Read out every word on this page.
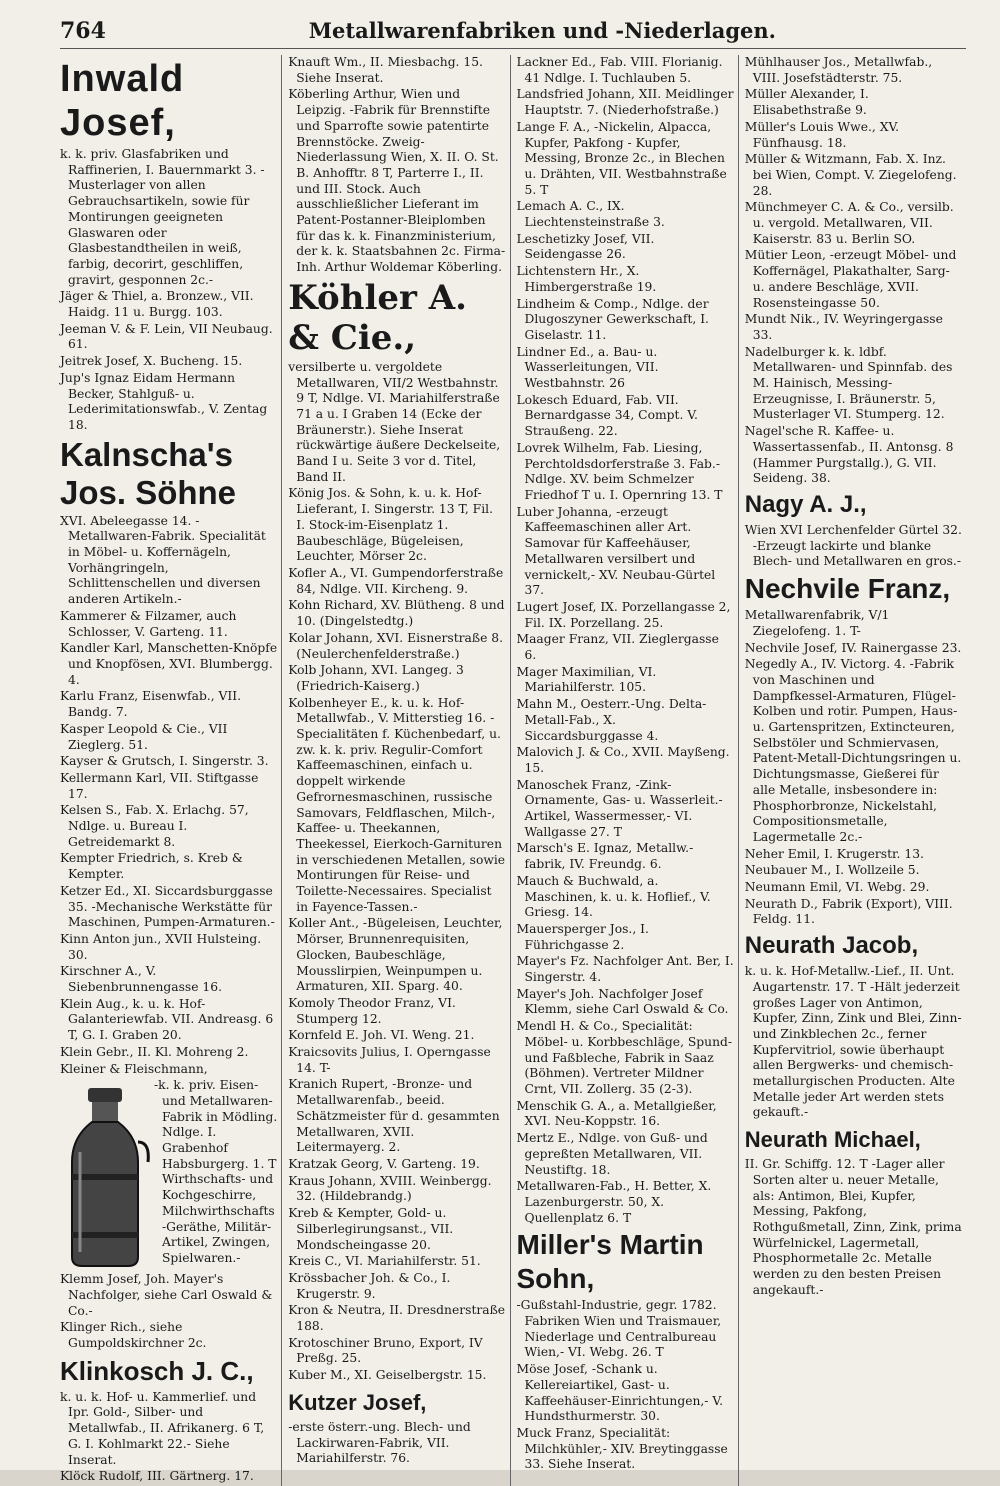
764	Metallwarenfabriken und -Niederlagen.
Inwald Josef,
k. k. priv. Glasfabriken und Raffinerien, I. Bauernmarkt 3. -Musterlager von allen Gebrauchsartikeln, sowie für Montirungen geeigneten Glaswaren oder Glasbestandtheilen in weiß, farbig, decorirt, geschliffen, gravirt, gesponnen 2c.-
Jäger & Thiel, a. Bronzew., VII. Haidg. 11 u. Burgg. 103.
Jeeman V. & F. Lein, VII Neubaug. 61.
Jeitrek Josef, X. Bucheng. 15.
Jup's Ignaz Eidam Hermann Becker, Stahlguß- u. Lederimitationswfab., V. Zentag 18.
Kalnscha's Jos. Söhne
XVI. Abeleegasse 14. -Metallwaren-Fabrik. Specialität in Möbel- u. Koffernägeln, Vorhängringeln, Schlittenschellen und diversen anderen Artikeln.-
Kammerer & Filzamer, auch Schlosser, V. Garteng. 11.
Kandler Karl, Manschetten-Knöpfe und Knopfösen, XVI. Blumbergg. 4.
Karlu Franz, Eisenwfab., VII. Bandg. 7.
Kasper Leopold & Cie., VII Zieglerg. 51.
Kayser & Grutsch, I. Singerstr. 3.
Kellermann Karl, VII. Stiftgasse 17.
Kelsen S., Fab. X. Erlachg. 57, Ndlge. u. Bureau I. Getreidemarkt 8.
Kempter Friedrich, s. Kreb & Kempter.
Ketzer Ed., XI. Siccardsburggasse 35. -Mechanische Werkstätte für Maschinen, Pumpen-Armaturen.-
Kinn Anton jun., XVII Hulsteing. 30.
Kirschner A., V. Siebenbrunnengasse 16.
Klein Aug., k. u. k. Hof-Galanteriewfab. VII. Andreasg. 6 T, G. I. Graben 20.
Klein Gebr., II. Kl. Mohreng 2.
Kleiner & Fleischmann,
-k. k. priv. Eisen- und Metallwaren-Fabrik in Mödling. Ndlge. I. Grabenhof Habsburgerg. 1. T Wirthschafts- und Kochgeschirre, Milchwirthschafts-Geräthe, Militär-Artikel, Zwingen, Spielwaren.-
Klemm Josef, Joh. Mayer's Nachfolger, siehe Carl Oswald & Co.-
Klinger Rich., siehe Gumpoldskirchner 2c.
Klinkosch J. C.,
k. u. k. Hof- u. Kammerlief. und Ipr. Gold-, Silber- und Metallwfab., II. Afrikanerg. 6 T, G. I. Kohlmarkt 22.- Siehe Inserat.
Klöck Rudolf, III. Gärtnerg. 17.
Knauft Wm., II. Miesbachg. 15. Siehe Inserat.
Köberling Arthur, Wien und Leipzig. -Fabrik für Brennstifte und Sparrofte sowie patentirte Brennstöcke. Zweig-Niederlassung Wien, X. II. O. St. B. Anhofftr. 8 T, Parterre I., II. und III. Stock. Auch ausschließlicher Lieferant im Patent-Postanner-Bleiplomben für das k. k. Finanzministerium, der k. k. Staatsbahnen 2c. Firma-Inh. Arthur Woldemar Köberling.
Köhler A. & Cie.,
versilberte u. vergoldete Metallwaren, VII/2 Westbahnstr. 9 T, Ndlge. VI. Mariahilferstraße 71 a u. I Graben 14 (Ecke der Bräunerstr.). Siehe Inserat rückwärtige äußere Deckelseite, Band I u. Seite 3 vor d. Titel, Band II.
König Jos. & Sohn, k. u. k. Hof-Lieferant, I. Singerstr. 13 T, Fil. I. Stock-im-Eisenplatz 1. Baubeschläge, Bügeleisen, Leuchter, Mörser 2c.
Kofler A., VI. Gumpendorferstraße 84, Ndlge. VII. Kircheng. 9.
Kohn Richard, XV. Blütheng. 8 und 10. (Dingelstedtg.)
Kolar Johann, XVI. Eisnerstraße 8. (Neulerchenfelderstraße.)
Kolb Johann, XVI. Langeg. 3 (Friedrich-Kaiserg.)
Kolbenheyer E., k. u. k. Hof-Metallwfab., V. Mitterstieg 16. -Specialitäten f. Küchenbedarf, u. zw. k. k. priv. Regulir-Comfort Kaffeemaschinen, einfach u. doppelt wirkende Gefrornesmaschinen, russische Samovars, Feldflaschen, Milch-, Kaffee- u. Theekannen, Theekessel, Eierkoch-Garnituren in verschiedenen Metallen, sowie Montirungen für Reise- und Toilette-Necessaires. Specialist in Fayence-Tassen.-
Koller Ant., -Bügeleisen, Leuchter, Mörser, Brunnenrequisiten, Glocken, Baubeschläge, Mousslirpien, Weinpumpen u. Armaturen, XII. Sparg. 40.
Komoly Theodor Franz, VI. Stumperg 12.
Kornfeld E. Joh. VI. Weng. 21.
Kraicsovits Julius, I. Operngasse 14. T-
Kranich Rupert, -Bronze- und Metallwarenfab., beeid. Schätzmeister für d. gesammten Metallwaren, XVII. Leitermayerg. 2.
Kratzak Georg, V. Garteng. 19.
Kraus Johann, XVIII. Weinbergg. 32. (Hildebrandg.)
Kreb & Kempter, Gold- u. Silberlegirungsanst., VII. Mondscheingasse 20.
Kreis C., VI. Mariahilferstr. 51.
Krössbacher Joh. & Co., I. Krugerstr. 9.
Kron & Neutra, II. Dresdnerstraße 188.
Krotoschiner Bruno, Export, IV Preßg. 25.
Kuber M., XI. Geiselbergstr. 15.
Kutzer Josef,
-erste österr.-ung. Blech- und Lackirwaren-Fabrik, VII. Mariahilferstr. 76.
Lackner Ed., Fab. VIII. Florianig. 41 Ndlge. I. Tuchlauben 5.
Landsfried Johann, XII. Meidlinger Hauptstr. 7. (Niederhofstraße.)
Lange F. A., -Nickelin, Alpacca, Kupfer, Pakfong - Kupfer, Messing, Bronze 2c., in Blechen u. Drähten, VII. Westbahnstraße 5. T
Lemach A. C., IX. Liechtensteinstraße 3.
Leschetizky Josef, VII. Seidengasse 26.
Lichtenstern Hr., X. Himbergerstraße 19.
Lindheim & Comp., Ndlge. der Dlugoszyner Gewerkschaft, I. Giselastr. 11.
Lindner Ed., a. Bau- u. Wasserleitungen, VII. Westbahnstr. 26
Lokesch Eduard, Fab. VII. Bernardgasse 34, Compt. V. Straußeng. 22.
Lovrek Wilhelm, Fab. Liesing, Perchtoldsdorferstraße 3. Fab.-Ndlge. XV. beim Schmelzer Friedhof T u. I. Opernring 13. T
Luber Johanna, -erzeugt Kaffeemaschinen aller Art. Samovar für Kaffeehäuser, Metallwaren versilbert und vernickelt,- XV. Neubau-Gürtel 37.
Lugert Josef, IX. Porzellangasse 2, Fil. IX. Porzellang. 25.
Maager Franz, VII. Zieglergasse 6.
Mager Maximilian, VI. Mariahilferstr. 105.
Mahn M., Oesterr.-Ung. Delta-Metall-Fab., X. Siccardsburggasse 4.
Malovich J. & Co., XVII. Mayßeng. 15.
Manoschek Franz, -Zink-Ornamente, Gas- u. Wasserleit.-Artikel, Wassermesser,- VI. Wallgasse 27. T
Marsch's E. Ignaz, Metallw.-fabrik, IV. Freundg. 6.
Mauch & Buchwald, a. Maschinen, k. u. k. Hoflief., V. Griesg. 14.
Mauersperger Jos., I. Führichgasse 2.
Mayer's Fz. Nachfolger Ant. Ber, I. Singerstr. 4.
Mayer's Joh. Nachfolger Josef Klemm, siehe Carl Oswald & Co.
Mendl H. & Co., Specialität: Möbel- u. Korbbeschläge, Spund- und Faßbleche, Fabrik in Saaz (Böhmen). Vertreter Mildner Crnt, VII. Zollerg. 35 (2-3).
Menschik G. A., a. Metallgießer, XVI. Neu-Koppstr. 16.
Mertz E., Ndlge. von Guß- und gepreßten Metallwaren, VII. Neustiftg. 18.
Metallwaren-Fab., H. Better, X. Lazenburgerstr. 50, X. Quellenplatz 6. T
Miller's Martin Sohn,
-Gußstahl-Industrie, gegr. 1782. Fabriken Wien und Traismauer, Niederlage und Centralbureau Wien,- VI. Webg. 26. T
Möse Josef, -Schank u. Kellereiartikel, Gast- u. Kaffeehäuser-Einrichtungen,- V. Hundsthurmerstr. 30.
Muck Franz, Specialität: Milchkühler,- XIV. Breytinggasse 33. Siehe Inserat.
Mühlhauser Jos., Metallwfab., VIII. Josefstädterstr. 75.
Müller Alexander, I. Elisabethstraße 9.
Müller's Louis Wwe., XV. Fünfhausg. 18.
Müller & Witzmann, Fab. X. Inz. bei Wien, Compt. V. Ziegelofeng. 28.
Münchmeyer C. A. & Co., versilb. u. vergold. Metallwaren, VII. Kaiserstr. 83 u. Berlin SO.
Mütier Leon, -erzeugt Möbel- und Koffernägel, Plakathalter, Sarg- u. andere Beschläge, XVII. Rosensteingasse 50.
Mundt Nik., IV. Weyringergasse 33.
Nadelburger k. k. ldbf. Metallwaren- und Spinnfab. des M. Hainisch, Messing-Erzeugnisse, I. Bräunerstr. 5, Musterlager VI. Stumperg. 12.
Nagel'sche R. Kaffee- u. Wassertassenfab., II. Antonsg. 8 (Hammer Purgstallg.), G. VII. Seideng. 38.
Nagy A. J.,
Wien XVI Lerchenfelder Gürtel 32. -Erzeugt lackirte und blanke Blech- und Metallwaren en gros.-
Nechvile Franz,
Metallwarenfabrik, V/1 Ziegelofeng. 1. T-
Nechvile Josef, IV. Rainergasse 23.
Negedly A., IV. Victorg. 4. -Fabrik von Maschinen und Dampfkessel-Armaturen, Flügel-Kolben und rotir. Pumpen, Haus- u. Gartenspritzen, Extincteuren, Selbstöler und Schmiervasen, Patent-Metall-Dichtungsringen u. Dichtungsmasse, Gießerei für alle Metalle, insbesondere in: Phosphorbronze, Nickelstahl, Compositionsmetalle, Lagermetalle 2c.-
Neher Emil, I. Krugerstr. 13.
Neubauer M., I. Wollzeile 5.
Neumann Emil, VI. Webg. 29.
Neurath D., Fabrik (Export), VIII. Feldg. 11.
Neurath Jacob,
k. u. k. Hof-Metallw.-Lief., II. Unt. Augartenstr. 17. T -Hält jederzeit großes Lager von Antimon, Kupfer, Zinn, Zink und Blei, Zinn- und Zinkblechen 2c., ferner Kupfervitriol, sowie überhaupt allen Bergwerks- und chemisch-metallurgischen Producten. Alte Metalle jeder Art werden stets gekauft.-
Neurath Michael,
II. Gr. Schiffg. 12. T -Lager aller Sorten alter u. neuer Metalle, als: Antimon, Blei, Kupfer, Messing, Pakfong, Rothgußmetall, Zinn, Zink, prima Würfelnickel, Lagermetall, Phosphormetalle 2c. Metalle werden zu den besten Preisen angekauft.-
